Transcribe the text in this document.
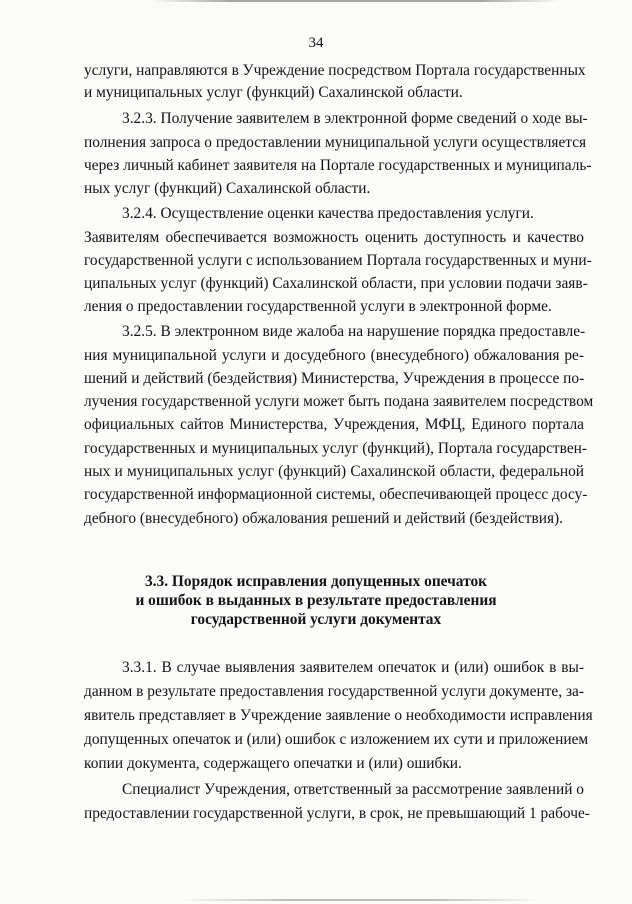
34
услуги, направляются в Учреждение посредством Портала государственных
и муниципальных услуг (функций) Сахалинской области.
3.2.3. Получение заявителем в электронной форме сведений о ходе вы-
полнения запроса о предоставлении муниципальной услуги осуществляется
через личный кабинет заявителя на Портале государственных и муниципаль-
ных услуг (функций) Сахалинской области.
3.2.4. Осуществление оценки качества предоставления услуги.
Заявителям обеспечивается возможность оценить доступность и качество
государственной услуги с использованием Портала государственных и муни-
ципальных услуг (функций) Сахалинской области, при условии подачи заяв-
ления о предоставлении государственной услуги в электронной форме.
3.2.5. В электронном виде жалоба на нарушение порядка предоставле-
ния муниципальной услуги и досудебного (внесудебного) обжалования ре-
шений и действий (бездействия) Министерства, Учреждения в процессе по-
лучения государственной услуги может быть подана заявителем посредством
официальных сайтов Министерства, Учреждения, МФЦ, Единого портала
государственных и муниципальных услуг (функций), Портала государствен-
ных и муниципальных услуг (функций) Сахалинской области, федеральной
государственной информационной системы, обеспечивающей процесс досу-
дебного (внесудебного) обжалования решений и действий (бездействия).
3.3. Порядок исправления допущенных опечаток
и ошибок в выданных в результате предоставления
государственной услуги документах
3.3.1. В случае выявления заявителем опечаток и (или) ошибок в вы-
данном в результате предоставления государственной услуги документе, за-
явитель представляет в Учреждение заявление о необходимости исправления
допущенных опечаток и (или) ошибок с изложением их сути и приложением
копии документа, содержащего опечатки и (или) ошибки.
Специалист Учреждения, ответственный за рассмотрение заявлений о
предоставлении государственной услуги, в срок, не превышающий 1 рабоче-
